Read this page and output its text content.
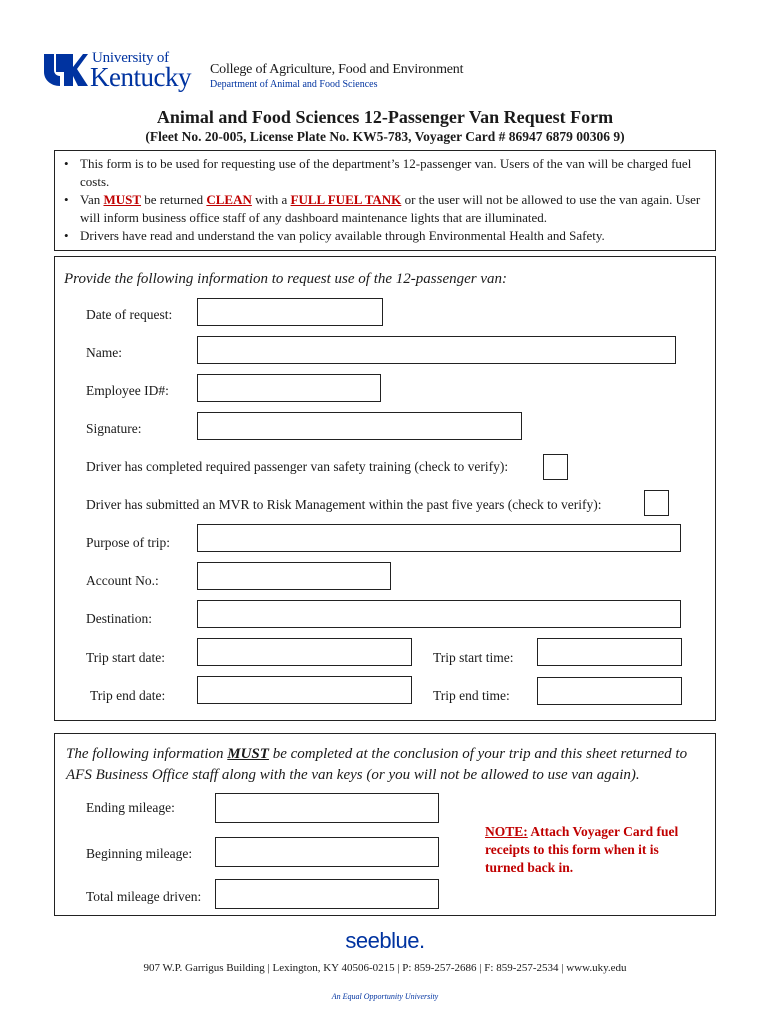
University of
Kentucky College of Agriculture, Food and Environment
Department of Animal and Food Sciences
Animal and Food Sciences 12-Passenger Van Request Form
(Fleet No. 20-005, License Plate No. KW5-783, Voyager Card # 86947 6879 00306 9)
• This form is to be used for requesting use of the department’s 12-passenger van. Users of the van will be charged fuel costs.
• Van MUST be returned CLEAN with a FULL FUEL TANK or the user will not be allowed to use the van again. User will inform business office staff of any dashboard maintenance lights that are illuminated.
• Drivers have read and understand the van policy available through Environmental Health and Safety.
Provide the following information to request use of the 12-passenger van:
Date of request:
Name:
Employee ID#:
Signature:
Driver has completed required passenger van safety training (check to verify):
Driver has submitted an MVR to Risk Management within the past five years (check to verify):
Purpose of trip:
Account No.:
Destination:
Trip start date:	Trip start time:
Trip end date:	Trip end time:
The following information MUST be completed at the conclusion of your trip and this sheet returned to AFS Business Office staff along with the van keys (or you will not be allowed to use van again).
Ending mileage:
Beginning mileage:
Total mileage driven:
NOTE: Attach Voyager Card fuel receipts to this form when it is turned back in.
seeblue.
907 W.P. Garrigus Building | Lexington, KY 40506-0215 | P: 859-257-2686 | F: 859-257-2534 | www.uky.edu
An Equal Opportunity University
